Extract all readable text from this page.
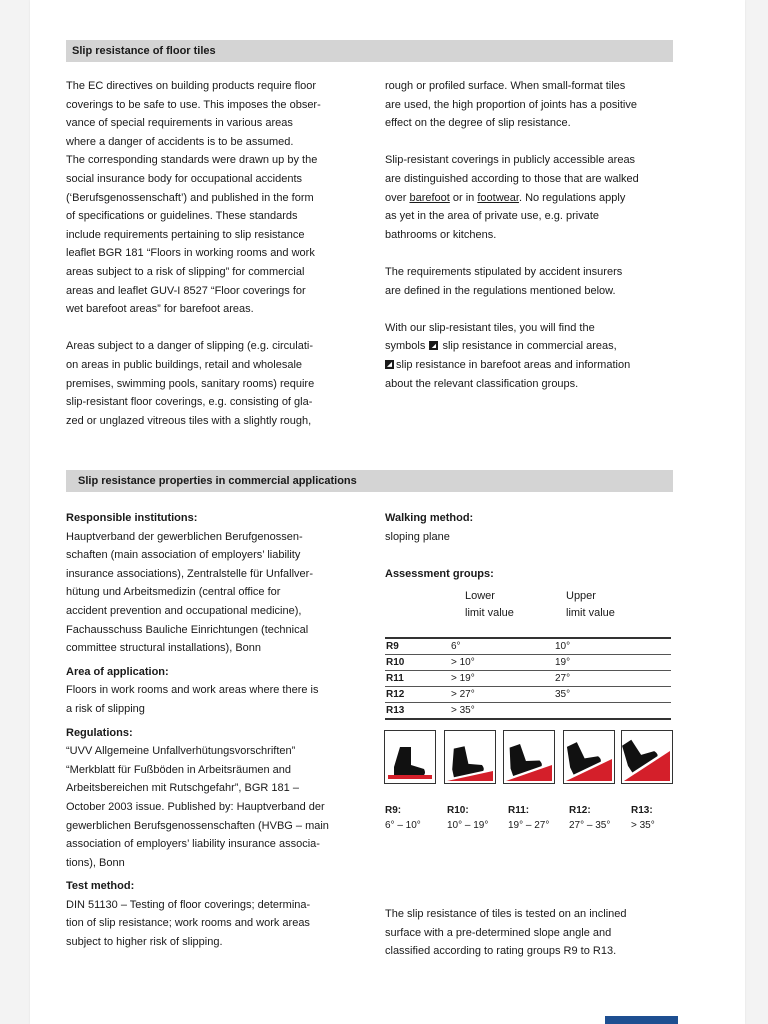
Slip resistance of floor tiles

The EC directives on building products require floor
coverings to be safe to use. This imposes the obser-
vance of special requirements in various areas
where a danger of accidents is to be assumed.
The corresponding standards were drawn up by the
social insurance body for occupational accidents
(‘Berufsgenossenschaft’) and published in the form
of specifications or guidelines. These standards
include requirements pertaining to slip resistance
leaflet BGR 181 “Floors in working rooms and work
areas subject to a risk of slipping” for commercial
areas and leaflet GUV-I 8527 “Floor coverings for
wet barefoot areas” for barefoot areas.

Areas subject to a danger of slipping (e.g. circulati-
on areas in public buildings, retail and wholesale
premises, swimming pools, sanitary rooms) require
slip-resistant floor coverings, e.g. consisting of gla-
zed or unglazed vitreous tiles with a slightly rough,

rough or profiled surface. When small-format tiles
are used, the high proportion of joints has a positive
effect on the degree of slip resistance.

Slip-resistant coverings in publicly accessible areas
are distinguished according to those that are walked
over barefoot or in footwear. No regulations apply
as yet in the area of private use, e.g. private
bathrooms or kitchens.

The requirements stipulated by accident insurers
are defined in the regulations mentioned below.

With our slip-resistant tiles, you will find the
symbols  slip resistance in commercial areas,
slip resistance in barefoot areas and information
about the relevant classification groups.

Slip resistance properties in commercial applications

Responsible institutions:

Hauptverband der gewerblichen Berufgenossen-
schaften (main association of employers’ liability
insurance associations), Zentralstelle für Unfallver-
hütung und Arbeitsmedizin (central office for
accident prevention and occupational medicine),
Fachausschuss Bauliche Einrichtungen (technical
committee structural installations), Bonn

Area of application:

Floors in work rooms and work areas where there is
a risk of slipping

Regulations:

“UVV Allgemeine Unfallverhütungsvorschriften”
“Merkblatt für Fußböden in Arbeitsräumen and
Arbeitsbereichen mit Rutschgefahr”, BGR 181 –
October 2003 issue. Published by: Hauptverband der
gewerblichen Berufsgenossenschaften (HVBG – main
association of employers’ liability insurance associa-
tions), Bonn

Test method:

DIN 51130 – Testing of floor coverings; determina-
tion of slip resistance; work rooms and work areas
subject to higher risk of slipping.

Walking method:

sloping plane

Assessment groups:

Lower
limit value
Upper
limit value
R9	6°	10°
R10	> 10°	19°
R11	> 19°	27°
R12	> 27°	35°
R13	> 35°	
R9:
6° – 10°
R10:
10° – 19°
R11:
19° – 27°
R12:
27° – 35°
R13:
> 35°

The slip resistance of tiles is tested on an inclined
surface with a pre-determined slope angle and
classified according to rating groups R9 to R13.
